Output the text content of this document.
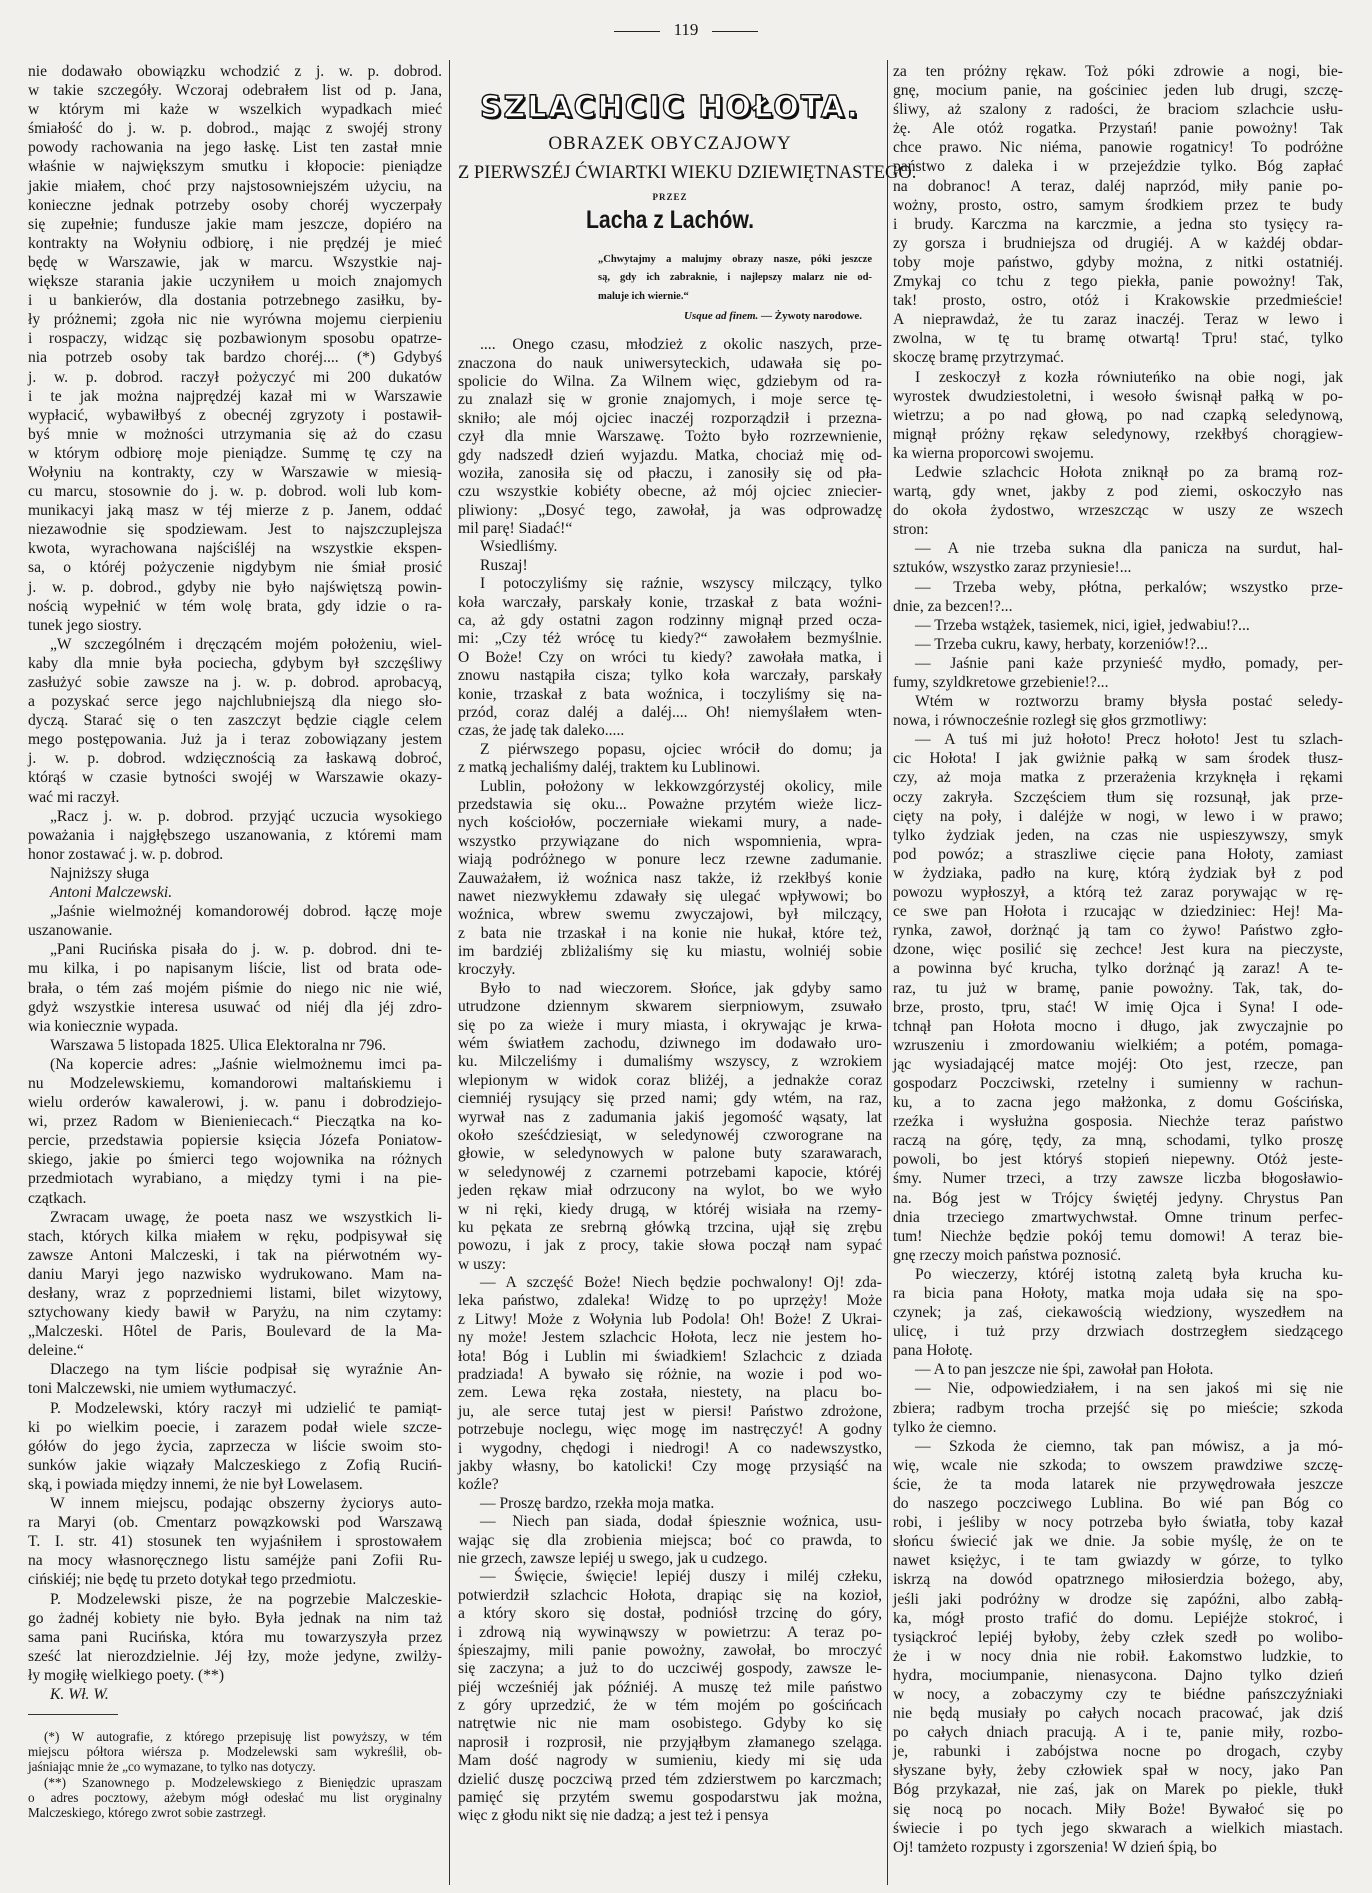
119
nie dodawało obowiązku wchodzić z j. w. p. dobrod.
w takie szczegóły. Wczoraj odebrałem list od p. Jana,
w którym mi każe w wszelkich wypadkach mieć
śmiałość do j. w. p. dobrod., mając z swojéj strony
powody rachowania na jego łaskę. List ten zastał mnie
właśnie w największym smutku i kłopocie: pieniądze
jakie miałem, choć przy najstosowniejszém użyciu, na
konieczne jednak potrzeby osoby choréj wyczerpały
się zupełnie; fundusze jakie mam jeszcze, dopiéro na
kontrakty na Wołyniu odbiorę, i nie prędzéj je mieć
będę w Warszawie, jak w marcu. Wszystkie naj-
większe starania jakie uczyniłem u moich znajomych
i u bankierów, dla dostania potrzebnego zasiłku, by-
ły próżnemi; zgoła nic nie wyrówna mojemu cierpieniu
i rospaczy, widząc się pozbawionym sposobu opatrze-
nia potrzeb osoby tak bardzo choréj.... (*) Gdybyś
j. w. p. dobrod. raczył pożyczyć mi 200 dukatów
i te jak można najprędzéj kazał mi w Warszawie
wypłacić, wybawiłbyś z obecnéj zgryzoty i postawił-
byś mnie w możności utrzymania się aż do czasu
w którym odbiorę moje pieniądze. Summę tę czy na
Wołyniu na kontrakty, czy w Warszawie w miesią-
cu marcu, stosownie do j. w. p. dobrod. woli lub kom-
munikacyi jaką masz w téj mierze z p. Janem, oddać
niezawodnie się spodziewam. Jest to najszczuplejsza
kwota, wyrachowana najściśléj na wszystkie ekspen-
sa, o któréj pożyczenie nigdybym nie śmiał prosić
j. w. p. dobrod., gdyby nie było najświętszą powin-
nością wypełnić w tém wolę brata, gdy idzie o ra-
tunek jego siostry.
„W szczególném i dręczącém mojém położeniu, wiel-
kaby dla mnie była pociecha, gdybym był szczęśliwy
zasłużyć sobie zawsze na j. w. p. dobrod. aprobacyą,
a pozyskać serce jego najchlubniejszą dla niego sło-
dyczą. Starać się o ten zaszczyt będzie ciągle celem
mego postępowania. Już ja i teraz zobowiązany jestem
j. w. p. dobrod. wdzięcznością za łaskawą dobroć,
którąś w czasie bytności swojéj w Warszawie okazy-
wać mi raczył.
„Racz j. w. p. dobrod. przyjąć uczucia wysokiego
poważania i najgłębszego uszanowania, z któremi mam
honor zostawać j. w. p. dobrod.
Najniższy sługa
Antoni Malczewski.
„Jaśnie wielmożnéj komandorowéj dobrod. łączę moje
uszanowanie.
„Pani Rucińska pisała do j. w. p. dobrod. dni te-
mu kilka, i po napisanym liście, list od brata ode-
brała, o tém zaś mojém piśmie do niego nic nie wié,
gdyż wszystkie interesa usuwać od niéj dla jéj zdro-
wia koniecznie wypada.
Warszawa 5 listopada 1825. Ulica Elektoralna nr 796.
(Na kopercie adres: „Jaśnie wielmożnemu imci pa-
nu Modzelewskiemu, komandorowi maltańskiemu i
wielu orderów kawalerowi, j. w. panu i dobrodziejo-
wi, przez Radom w Bienieniecach.“ Pieczątka na ko-
percie, przedstawia popiersie księcia Józefa Poniatow-
skiego, jakie po śmierci tego wojownika na różnych
przedmiotach wyrabiano, a między tymi i na pie-
czątkach.
Zwracam uwagę, że poeta nasz we wszystkich li-
stach, których kilka miałem w ręku, podpisywał się
zawsze Antoni Malczeski, i tak na piérwotném wy-
daniu Maryi jego nazwisko wydrukowano. Mam na-
desłany, wraz z poprzedniemi listami, bilet wizytowy,
sztychowany kiedy bawił w Paryżu, na nim czytamy:
„Malczeski. Hôtel de Paris, Boulevard de la Ma-
deleine.“
Dlaczego na tym liście podpisał się wyraźnie An-
toni Malczewski, nie umiem wytłumaczyć.
P. Modzelewski, który raczył mi udzielić te pamiąt-
ki po wielkim poecie, i zarazem podał wiele szcze-
gółów do jego życia, zaprzecza w liście swoim sto-
sunków jakie wiązały Malczeskiego z Zofią Ruciń-
ską, i powiada między innemi, że nie był Lowelasem.
W innem miejscu, podając obszerny życiorys auto-
ra Maryi (ob. Cmentarz powązkowski pod Warszawą
T. I. str. 41) stosunek ten wyjaśniłem i sprostowałem
na mocy własnoręcznego listu saméjże pani Zofii Ru-
cińskiéj; nie będę tu przeto dotykał tego przedmiotu.
P. Modzelewski pisze, że na pogrzebie Malczeskie-
go żadnéj kobiety nie było. Była jednak na nim taż
sama pani Rucińska, która mu towarzyszyła przez
sześć lat nierozdzielnie. Jéj łzy, może jedyne, zwilży-
ły mogiłę wielkiego poety. (**)
K. Wł. W.
(*) W autografie, z którego przepisuję list powyższy, w tém
miejscu półtora wiérsza p. Modzelewski sam wykreślił, ob-
jaśniając mnie że „co wymazane, to tylko nas dotyczy.
(**) Szanownego p. Modzelewskiego z Bieniędzic upraszam
o adres pocztowy, ażebym mógł odesłać mu list oryginalny
Malczeskiego, którego zwrot sobie zastrzegł.
SZLACHCIC HOŁOTA.
OBRAZEK OBYCZAJOWY
Z PIERWSZÉJ ĆWIARTKI WIEKU DZIEWIĘTNASTEGO.
PRZEZ
Lacha z Lachów.
„Chwytajmy a malujmy obrazy nasze, póki jeszcze
są, gdy ich zabraknie, i najlepszy malarz nie od-
maluje ich wiernie.“
Usque ad finem. — Żywoty narodowe.
.... Onego czasu, młodzież z okolic naszych, prze-
znaczona do nauk uniwersyteckich, udawała się po-
spolicie do Wilna. Za Wilnem więc, gdziebym od ra-
zu znalazł się w gronie znajomych, i moje serce tę-
skniło; ale mój ojciec inaczéj rozporządził i przezna-
czył dla mnie Warszawę. Tożto było rozrzewnienie,
gdy nadszedł dzień wyjazdu. Matka, chociaż mię od-
woziła, zanosiła się od płaczu, i zanosiły się od pła-
czu wszystkie kobiéty obecne, aż mój ojciec zniecier-
pliwiony: „Dosyć tego, zawołał, ja was odprowadzę
mil parę! Siadać!“
Wsiedliśmy.
Ruszaj!
I potoczyliśmy się raźnie, wszyscy milczący, tylko
koła warczały, parskały konie, trzaskał z bata woźni-
ca, aż gdy ostatni zagon rodzinny mignął przed ocza-
mi: „Czy téż wrócę tu kiedy?“ zawołałem bezmyślnie.
O Boże! Czy on wróci tu kiedy? zawołała matka, i
znowu nastąpiła cisza; tylko koła warczały, parskały
konie, trzaskał z bata woźnica, i toczyliśmy się na-
przód, coraz daléj a daléj.... Oh! niemyślałem wten-
czas, że jadę tak daleko.....
Z piérwszego popasu, ojciec wrócił do domu; ja
z matką jechaliśmy daléj, traktem ku Lublinowi.
Lublin, położony w lekkowzgórzystéj okolicy, mile
przedstawia się oku... Poważne przytém wieże licz-
nych kościołów, poczerniałe wiekami mury, a nade-
wszystko przywiązane do nich wspomnienia, wpra-
wiają podróżnego w ponure lecz rzewne zadumanie.
Zauważałem, iż woźnica nasz także, iż rzekłbyś konie
nawet niezwykłemu zdawały się ulegać wpływowi; bo
woźnica, wbrew swemu zwyczajowi, był milczący,
z bata nie trzaskał i na konie nie hukał, które też,
im bardziéj zbliżaliśmy się ku miastu, wolniéj sobie
kroczyły.
Było to nad wieczorem. Słońce, jak gdyby samo
utrudzone dziennym skwarem sierpniowym, zsuwało
się po za wieże i mury miasta, i okrywając je krwa-
wém światłem zachodu, dziwnego im dodawało uro-
ku. Milczeliśmy i dumaliśmy wszyscy, z wzrokiem
wlepionym w widok coraz bliżéj, a jednakże coraz
ciemniéj rysujący się przed nami; gdy wtém, na raz,
wyrwał nas z zadumania jakiś jegomość wąsaty, lat
około sześćdziesiąt, w seledynowéj czworograne na
głowie, w seledynowych w palone buty szarawarach,
w seledynowéj z czarnemi potrzebami kapocie, któréj
jeden rękaw miał odrzucony na wylot, bo we wyło
w ni ręki, kiedy drugą, w któréj wisiała na rzemy-
ku pękata ze srebrną główką trzcina, ujął się zrębu
powozu, i jak z procy, takie słowa począł nam sypać
w uszy:
— A szczęść Boże! Niech będzie pochwalony! Oj! zda-
leka państwo, zdaleka! Widzę to po uprzęży! Może
z Litwy! Może z Wołynia lub Podola! Oh! Boże! Z Ukrai-
ny może! Jestem szlachcic Hołota, lecz nie jestem ho-
łota! Bóg i Lublin mi świadkiem! Szlachcic z dziada
pradziada! A bywało się różnie, na wozie i pod wo-
zem. Lewa ręka została, niestety, na placu bo-
ju, ale serce tutaj jest w piersi! Państwo zdrożone,
potrzebuje noclegu, więc mogę im nastręczyć! A godny
i wygodny, chędogi i niedrogi! A co nadewszystko,
jakby własny, bo katolicki! Czy mogę przysiąść na
koźle?
— Proszę bardzo, rzekła moja matka.
— Niech pan siada, dodał śpiesznie woźnica, usu-
wając się dla zrobienia miejsca; boć co prawda, to
nie grzech, zawsze lepiéj u swego, jak u cudzego.
— Święcie, święcie! lepiéj duszy i miléj człeku,
potwierdził szlachcic Hołota, drapiąc się na kozioł,
a który skoro się dostał, podniósł trzcinę do góry,
i zdrową nią wywinąwszy w powietrzu: A teraz po-
śpieszajmy, mili panie powożny, zawołał, bo mroczyć
się zaczyna; a już to do uczciwéj gospody, zawsze le-
piéj wcześniéj jak późniéj. A muszę też mile państwo
z góry uprzedzić, że w tém mojém po gościńcach
natrętwie nic nie mam osobistego. Gdyby ko się
naprosił i rozprosił, nie przyjąłbym złamanego szeląga.
Mam dość nagrody w sumieniu, kiedy mi się uda
dzielić duszę poczciwą przed tém zdzierstwem po karczmach;
pamięć się przytém swemu gospodarstwu jak można,
więc z głodu nikt się nie dadzą; a jest też i pensya
za ten próżny rękaw. Toż póki zdrowie a nogi, bie-
gnę, mocium panie, na gościniec jeden lub drugi, szczę-
śliwy, aż szalony z radości, że braciom szlachcie usłu-
żę. Ale otóż rogatka. Przystań! panie powożny! Tak
chce prawo. Nic niéma, panowie rogatnicy! To podróżne
państwo z daleka i w przejeździe tylko. Bóg zapłać
na dobranoc! A teraz, daléj naprzód, miły panie po-
wożny, prosto, ostro, samym środkiem przez te budy
i brudy. Karczma na karczmie, a jedna sto tysięcy ra-
zy gorsza i brudniejsza od drugiéj. A w każdéj obdar-
toby moje państwo, gdyby można, z nitki ostatniéj.
Zmykaj co tchu z tego piekła, panie powożny! Tak,
tak! prosto, ostro, otóż i Krakowskie przedmieście!
A nieprawdaż, że tu zaraz inaczéj. Teraz w lewo i
zwolna, w tę tu bramę otwartą! Tpru! stać, tylko
skoczę bramę przytrzymać.
I zeskoczył z kozła równiuteńko na obie nogi, jak
wyrostek dwudziestoletni, i wesoło świsnął pałką w po-
wietrzu; a po nad głową, po nad czapką seledynową,
mignął próżny rękaw seledynowy, rzekłbyś chorągiew-
ka wierna proporcowi swojemu.
Ledwie szlachcic Hołota zniknął po za bramą roz-
wartą, gdy wnet, jakby z pod ziemi, oskoczyło nas
do okoła żydostwo, wrzeszcząc w uszy ze wszech
stron:
— A nie trzeba sukna dla panicza na surdut, hal-
sztuków, wszystko zaraz przyniesie!...
— Trzeba weby, płótna, perkalów; wszystko prze-
dnie, za bezcen!?...
— Trzeba wstążek, tasiemek, nici, igieł, jedwabiu!?...
— Trzeba cukru, kawy, herbaty, korzeniów!?...
— Jaśnie pani każe przynieść mydło, pomady, per-
fumy, szyldkretowe grzebienie!?...
Wtém w roztworzu bramy błysła postać seledy-
nowa, i równocześnie rozległ się głos grzmotliwy:
— A tuś mi już hołoto! Precz hołoto! Jest tu szlach-
cic Hołota! I jak gwiżnie pałką w sam środek tłusz-
czy, aż moja matka z przerażenia krzyknęła i rękami
oczy zakryła. Szczęściem tłum się rozsunął, jak prze-
cięty na poły, i daléjże w nogi, w lewo i w prawo;
tylko żydziak jeden, na czas nie uspieszywszy, smyk
pod powóz; a straszliwe cięcie pana Hołoty, zamiast
w żydziaka, padło na kurę, którą żydziak był z pod
powozu wypłoszył, a którą też zaraz porywając w rę-
ce swe pan Hołota i rzucając w dziedziniec: Hej! Ma-
rynka, zawoł, dorżnąć ją tam co żywo! Państwo zgło-
dzone, więc posilić się zechce! Jest kura na pieczyste,
a powinna być krucha, tylko dorżnąć ją zaraz! A te-
raz, tu już w bramę, panie powożny. Tak, tak, do-
brze, prosto, tpru, stać! W imię Ojca i Syna! I ode-
tchnął pan Hołota mocno i długo, jak zwyczajnie po
wzruszeniu i zmordowaniu wielkiém; a potém, pomaga-
jąc wysiadającéj matce mojéj: Oto jest, rzecze, pan
gospodarz Poczciwski, rzetelny i sumienny w rachun-
ku, a to zacna jego małżonka, z domu Gościńska,
rzeźka i wysłużna gosposia. Niechże teraz państwo
raczą na górę, tędy, za mną, schodami, tylko proszę
powoli, bo jest któryś stopień niepewny. Otóż jeste-
śmy. Numer trzeci, a trzy zawsze liczba błogosławio-
na. Bóg jest w Trójcy świętéj jedyny. Chrystus Pan
dnia trzeciego zmartwychwstał. Omne trinum perfec-
tum! Niechże będzie pokój temu domowi! A teraz bie-
gnę rzeczy moich państwa poznosić.
Po wieczerzy, któréj istotną zaletą była krucha ku-
ra bicia pana Hołoty, matka moja udała się na spo-
czynek; ja zaś, ciekawością wiedziony, wyszedłem na
ulicę, i tuż przy drzwiach dostrzegłem siedzącego
pana Hołotę.
— A to pan jeszcze nie śpi, zawołał pan Hołota.
— Nie, odpowiedziałem, i na sen jakoś mi się nie
zbiera; radbym trocha przejść się po mieście; szkoda
tylko że ciemno.
— Szkoda że ciemno, tak pan mówisz, a ja mó-
wię, wcale nie szkoda; to owszem prawdziwe szczę-
ście, że ta moda latarek nie przywędrowała jeszcze
do naszego poczciwego Lublina. Bo wié pan Bóg co
robi, i jeśliby w nocy potrzeba było światła, toby kazał
słońcu świecić jak we dnie. Ja sobie myślę, że on te
nawet księżyc, i te tam gwiazdy w górze, to tylko
iskrzą na dowód opatrznego miłosierdzia bożego, aby,
jeśli jaki podróżny w drodze się zapóźni, albo zabłą-
ka, mógł prosto trafić do domu. Lepiéjże stokroć, i
tysiąckroć lepiéj byłoby, żeby człek szedł po wolibo-
że i w nocy dnia nie robił. Łakomstwo ludzkie, to
hydra, mociumpanie, nienasycona. Dajno tylko dzień
w nocy, a zobaczymy czy te biédne pańszczyźniaki
nie będą musiały po całych nocach pracować, jak dziś
po całych dniach pracują. A i te, panie miły, rozbo-
je, rabunki i zabójstwa nocne po drogach, czyby
słyszane były, żeby człowiek spał w nocy, jako Pan
Bóg przykazał, nie zaś, jak on Marek po piekle, tłukł
się nocą po nocach. Miły Boże! Bywałoć się po
świecie i po tych jego skwarach a wielkich miastach.
Oj! tamżeto rozpusty i zgorszenia! W dzień śpią, bo
